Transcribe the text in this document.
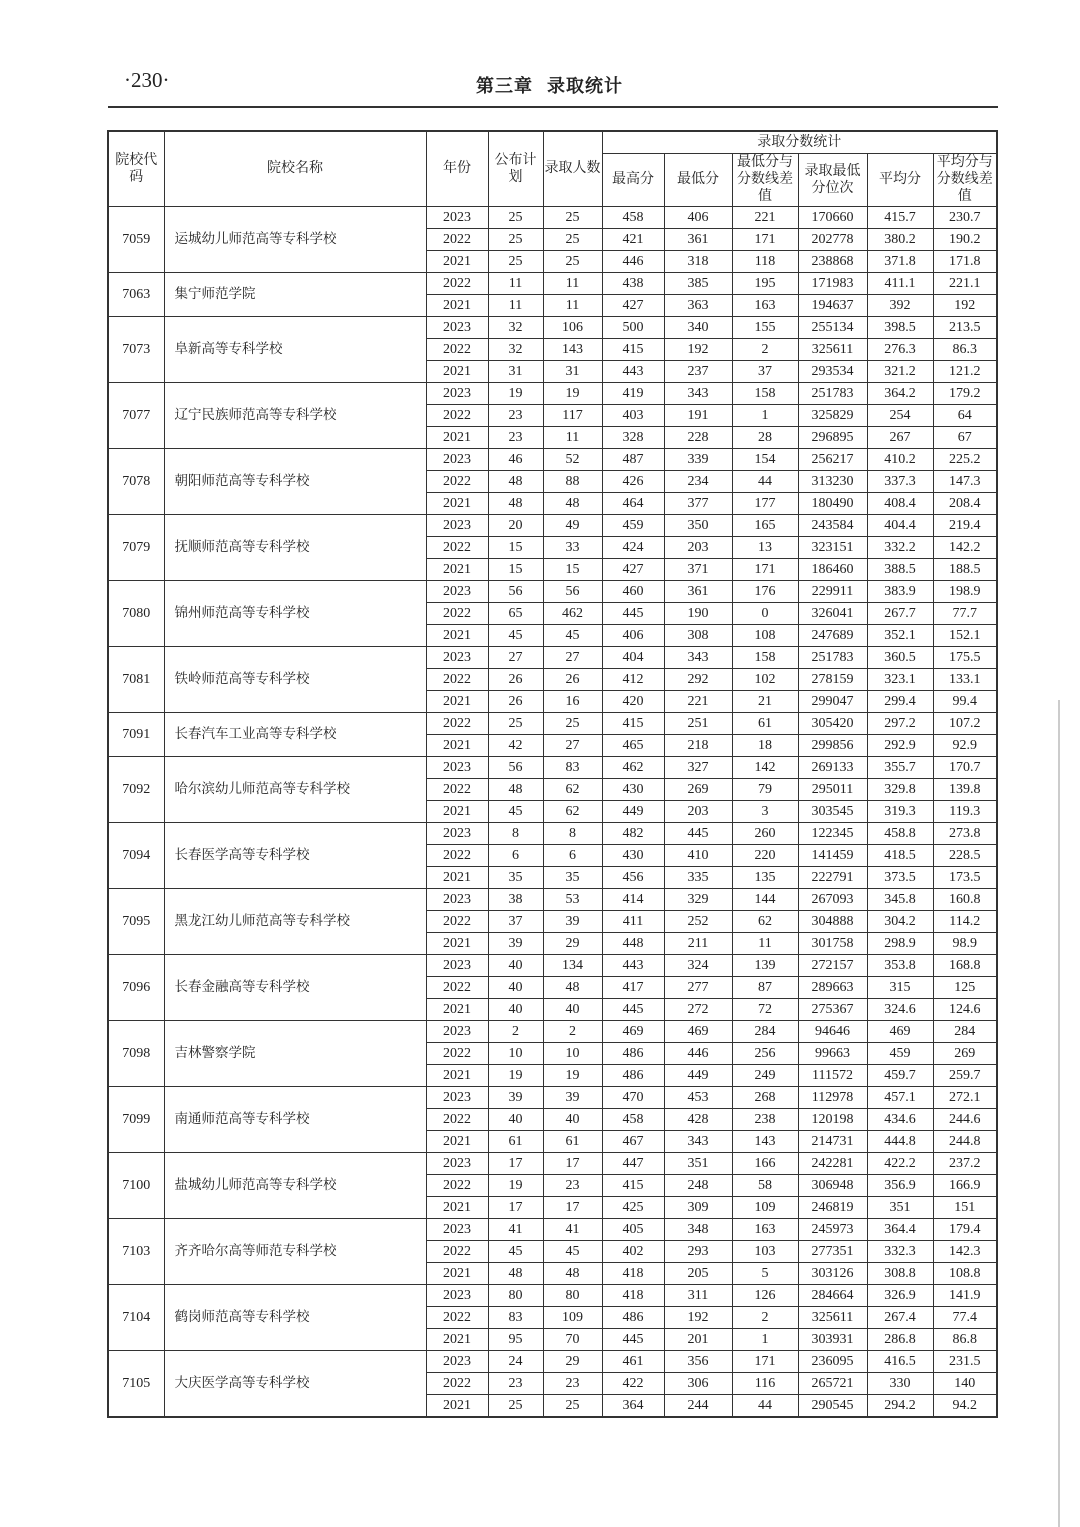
·230·	第三章 录取统计
院校代码	院校名称	年份	公布计划	录取人数	录取分数统计					
					最高分	最低分	最低分与分数线差值	录取最低分位次	平均分	平均分与分数线差值
7059	运城幼儿师范高等专科学校	2023	25	25	458	406	221	170660	415.7	230.7
		2022	25	25	421	361	171	202778	380.2	190.2
		2021	25	25	446	318	118	238868	371.8	171.8
7063	集宁师范学院	2022	11	11	438	385	195	171983	411.1	221.1
		2021	11	11	427	363	163	194637	392	192
7073	阜新高等专科学校	2023	32	106	500	340	155	255134	398.5	213.5
		2022	32	143	415	192	2	325611	276.3	86.3
		2021	31	31	443	237	37	293534	321.2	121.2
7077	辽宁民族师范高等专科学校	2023	19	19	419	343	158	251783	364.2	179.2
		2022	23	117	403	191	1	325829	254	64
		2021	23	11	328	228	28	296895	267	67
7078	朝阳师范高等专科学校	2023	46	52	487	339	154	256217	410.2	225.2
		2022	48	88	426	234	44	313230	337.3	147.3
		2021	48	48	464	377	177	180490	408.4	208.4
7079	抚顺师范高等专科学校	2023	20	49	459	350	165	243584	404.4	219.4
		2022	15	33	424	203	13	323151	332.2	142.2
		2021	15	15	427	371	171	186460	388.5	188.5
7080	锦州师范高等专科学校	2023	56	56	460	361	176	229911	383.9	198.9
		2022	65	462	445	190	0	326041	267.7	77.7
		2021	45	45	406	308	108	247689	352.1	152.1
7081	铁岭师范高等专科学校	2023	27	27	404	343	158	251783	360.5	175.5
		2022	26	26	412	292	102	278159	323.1	133.1
		2021	26	16	420	221	21	299047	299.4	99.4
7091	长春汽车工业高等专科学校	2022	25	25	415	251	61	305420	297.2	107.2
		2021	42	27	465	218	18	299856	292.9	92.9
7092	哈尔滨幼儿师范高等专科学校	2023	56	83	462	327	142	269133	355.7	170.7
		2022	48	62	430	269	79	295011	329.8	139.8
		2021	45	62	449	203	3	303545	319.3	119.3
7094	长春医学高等专科学校	2023	8	8	482	445	260	122345	458.8	273.8
		2022	6	6	430	410	220	141459	418.5	228.5
		2021	35	35	456	335	135	222791	373.5	173.5
7095	黑龙江幼儿师范高等专科学校	2023	38	53	414	329	144	267093	345.8	160.8
		2022	37	39	411	252	62	304888	304.2	114.2
		2021	39	29	448	211	11	301758	298.9	98.9
7096	长春金融高等专科学校	2023	40	134	443	324	139	272157	353.8	168.8
		2022	40	48	417	277	87	289663	315	125
		2021	40	40	445	272	72	275367	324.6	124.6
7098	吉林警察学院	2023	2	2	469	469	284	94646	469	284
		2022	10	10	486	446	256	99663	459	269
		2021	19	19	486	449	249	111572	459.7	259.7
7099	南通师范高等专科学校	2023	39	39	470	453	268	112978	457.1	272.1
		2022	40	40	458	428	238	120198	434.6	244.6
		2021	61	61	467	343	143	214731	444.8	244.8
7100	盐城幼儿师范高等专科学校	2023	17	17	447	351	166	242281	422.2	237.2
		2022	19	23	415	248	58	306948	356.9	166.9
		2021	17	17	425	309	109	246819	351	151
7103	齐齐哈尔高等师范专科学校	2023	41	41	405	348	163	245973	364.4	179.4
		2022	45	45	402	293	103	277351	332.3	142.3
		2021	48	48	418	205	5	303126	308.8	108.8
7104	鹤岗师范高等专科学校	2023	80	80	418	311	126	284664	326.9	141.9
		2022	83	109	486	192	2	325611	267.4	77.4
		2021	95	70	445	201	1	303931	286.8	86.8
7105	大庆医学高等专科学校	2023	24	29	461	356	171	236095	416.5	231.5
		2022	23	23	422	306	116	265721	330	140
		2021	25	25	364	244	44	290545	294.2	94.2
